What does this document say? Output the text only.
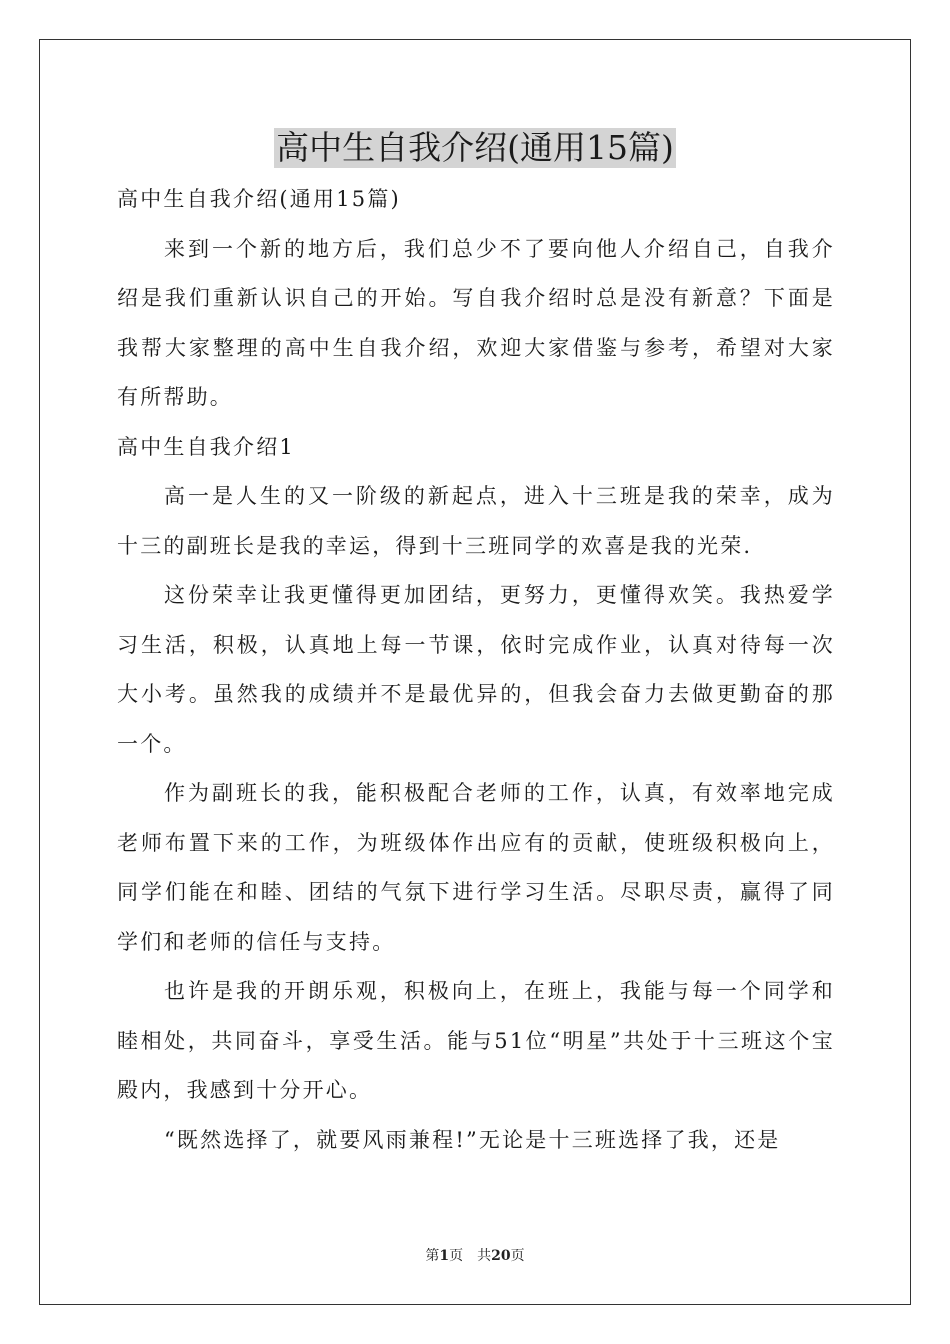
高中生自我介绍(通用15篇)

高中生自我介绍(通用15篇)

来到一个新的地方后，我们总少不了要向他人介绍自己，自我介绍是我们重新认识自己的开始。写自我介绍时总是没有新意？下面是我帮大家整理的高中生自我介绍，欢迎大家借鉴与参考，希望对大家有所帮助。

高中生自我介绍1

高一是人生的又一阶级的新起点，进入十三班是我的荣幸，成为十三的副班长是我的幸运，得到十三班同学的欢喜是我的光荣.

这份荣幸让我更懂得更加团结，更努力，更懂得欢笑。我热爱学习生活，积极，认真地上每一节课，依时完成作业，认真对待每一次大小考。虽然我的成绩并不是最优异的，但我会奋力去做更勤奋的那一个。

作为副班长的我，能积极配合老师的工作，认真，有效率地完成老师布置下来的工作，为班级体作出应有的贡献，使班级积极向上，同学们能在和睦、团结的气氛下进行学习生活。尽职尽责，赢得了同学们和老师的信任与支持。

也许是我的开朗乐观，积极向上，在班上，我能与每一个同学和睦相处，共同奋斗，享受生活。能与51位“明星”共处于十三班这个宝殿内，我感到十分开心。

“既然选择了，就要风雨兼程!”无论是十三班选择了我，还是

第1页 共20页
